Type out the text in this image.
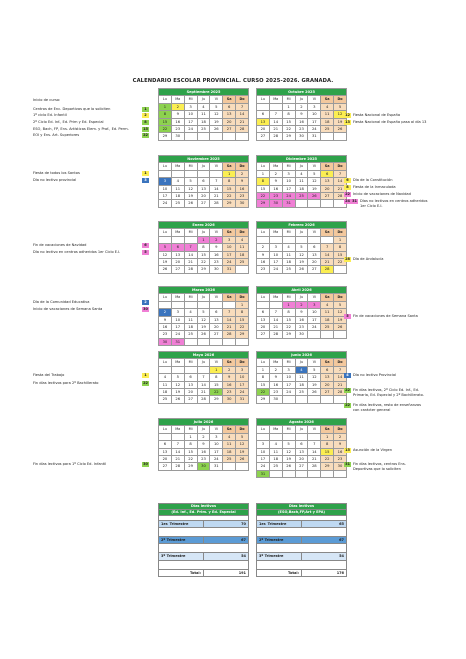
CALENDARIO ESCOLAR PROVINCIAL. CURSO 2025-2026. GRANADA.
Septiembre 2025						
Lu	Ma	Mi	Ju	Vi	Sa	Do
1	2	3	4	5	6	7
8	9	10	11	12	13	14
15	16	17	18	19	20	21
22	23	24	25	26	27	28
29	30					
Octubre 2025						
Lu	Ma	Mi	Ju	Vi	Sa	Do
		1	2	3	4	5
6	7	8	9	10	11	12
13	14	15	16	17	18	19
20	21	22	23	24	25	26
27	28	29	30	31		
Noviembre 2025						
Lu	Ma	Mi	Ju	Vi	Sa	Do
					1	2
3	4	5	6	7	8	9
10	11	12	13	14	15	16
17	18	19	20	21	22	23
24	25	26	27	28	29	30
Diciembre 2025						
Lu	Ma	Mi	Ju	Vi	Sa	Do
1	2	3	4	5	6	7
8	9	10	11	12	13	14
15	16	17	18	19	20	21
22	23	24	25	26	27	28
29	30	31				
Enero 2026						
Lu	Ma	Mi	Ju	Vi	Sa	Do
			1	2	3	4
5	6	7	8	9	10	11
12	13	14	15	16	17	18
19	20	21	22	23	24	25
26	27	28	29	30	31	
Febrero 2026						
Lu	Ma	Mi	Ju	Vi	Sa	Do
						1
2	3	4	5	6	7	8
9	10	11	12	13	14	15
16	17	18	19	20	21	22
23	24	25	26	27	28	
Marzo 2026						
Lu	Ma	Mi	Ju	Vi	Sa	Do
						1
2	3	4	5	6	7	8
9	10	11	12	13	14	15
16	17	18	19	20	21	22
23	24	25	26	27	28	29
30	31					
Abril 2026						
Lu	Ma	Mi	Ju	Vi	Sa	Do
		1	2	3	4	5
6	7	8	9	10	11	12
13	14	15	16	17	18	19
20	21	22	23	24	25	26
27	28	29	30			
Mayo 2026						
Lu	Ma	Mi	Ju	Vi	Sa	Do
				1	2	3
4	5	6	7	8	9	10
11	12	13	14	15	16	17
18	19	20	21	22	23	24
25	26	27	28	29	30	31
Junio 2026						
Lu	Ma	Mi	Ju	Vi	Sa	Do
1	2	3	4	5	6	7
8	9	10	11	12	13	14
15	16	17	18	19	20	21
22	23	24	25	26	27	28
29	30					
Julio 2026						
Lu	Ma	Mi	Ju	Vi	Sa	Do
		1	2	3	4	5
6	7	8	9	10	11	12
13	14	15	16	17	18	19
20	21	22	23	24	25	26
27	28	29	30	31		
Agosto 2026						
Lu	Ma	Mi	Ju	Vi	Sa	Do
					1	2
3	4	5	6	7	8	9
10	11	12	13	14	15	16
17	18	19	20	21	22	23
24	25	26	27	28	29	30
31						
Inicio de curso:
Centros de Enc. Deportivas que lo soliciten	1
1º ciclo Ed. Infantil	2
2º Ciclo Ed. Inf., Ed. Prim y Ed. Especial	8
ESO, Bach, FP, Ens. Artísticas Elem. y Prof., Ed. Perm.	15
EOI y Ens. Art. Superiores	22
12 Fiesta Nacional de España
13 Fiesta Nacional de España pasa al día 13
Fiesta de todos los Santos	1
Día no lectivo provincial	3	6	Día de la Constitución
8	Fiesta de la Inmaculada
22 Inicio de vacaciones de Navidad
24 31 Días no lectivos en centros adheridos
1er Ciclo E.I.
Fin de vacaciones de Navidad	6
Día no lectivo en centros adheridos 1er Ciclo E.I.	5
28 Día de Andalucía
Día de la Comunidad Educativa	2
Inicio de vacaciones de Semana Santa	30
5	Fin de vacaciones de Semana Santa
Fiesta del Trabajo	1
Fin días lectivos para 2º Bachillerato	22
4	Día no lectivo Provincial
22 Fin días lectivos, 2º Ciclo Ed. Inf., Ed.
Primaria, Ed. Especial y 2º Bachillerato.
22 Fin días lectivos, resto de enseñanzas
con carácter general
Fin días lectivos para 1º Ciclo Ed. Infantil	30
15 Asunción de la Virgen
31 Fin días lectivos, centros Ens.
Deportivas que lo soliciten
Días lectivos	
(Ed. Inf., Ed. Prim. y Ed. Especial	

1er. Trimestre	70

2º Trimestre	67

3º Trimestre	54

Total:	191
Días lectivos	
(ESO,Bach,FP,Art y EPA)	

1er. Trimestre	65

2º Trimestre	67

3º Trimestre	54

Total:	176
